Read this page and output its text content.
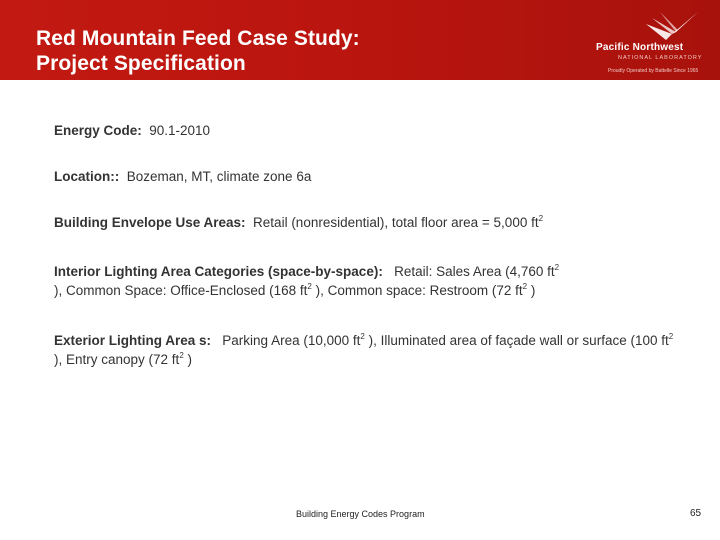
Red Mountain Feed Case Study:
Project Specification
Pacific Northwest
NATIONAL LABORATORY
Proudly Operated by Battelle Since 1965
Energy Code:  90.1-2010
Location::  Bozeman, MT, climate zone 6a
Building Envelope Use Areas:  Retail (nonresidential), total floor area = 5,000 $ft^2$
Interior Lighting Area Categories (space-by-space):   Retail: Sales Area (4,760 $ft^2$
), Common Space: Office-Enclosed (168 $ft^2$ ), Common space: Restroom (72 $ft^2$ )
Exterior Lighting Area s:   Parking Area (10,000 $ft^2$ ), Illuminated area of façade wall or surface (100 $ft^2$ ), Entry canopy (72 $ft^2$ )
Building Energy Codes Program	65
